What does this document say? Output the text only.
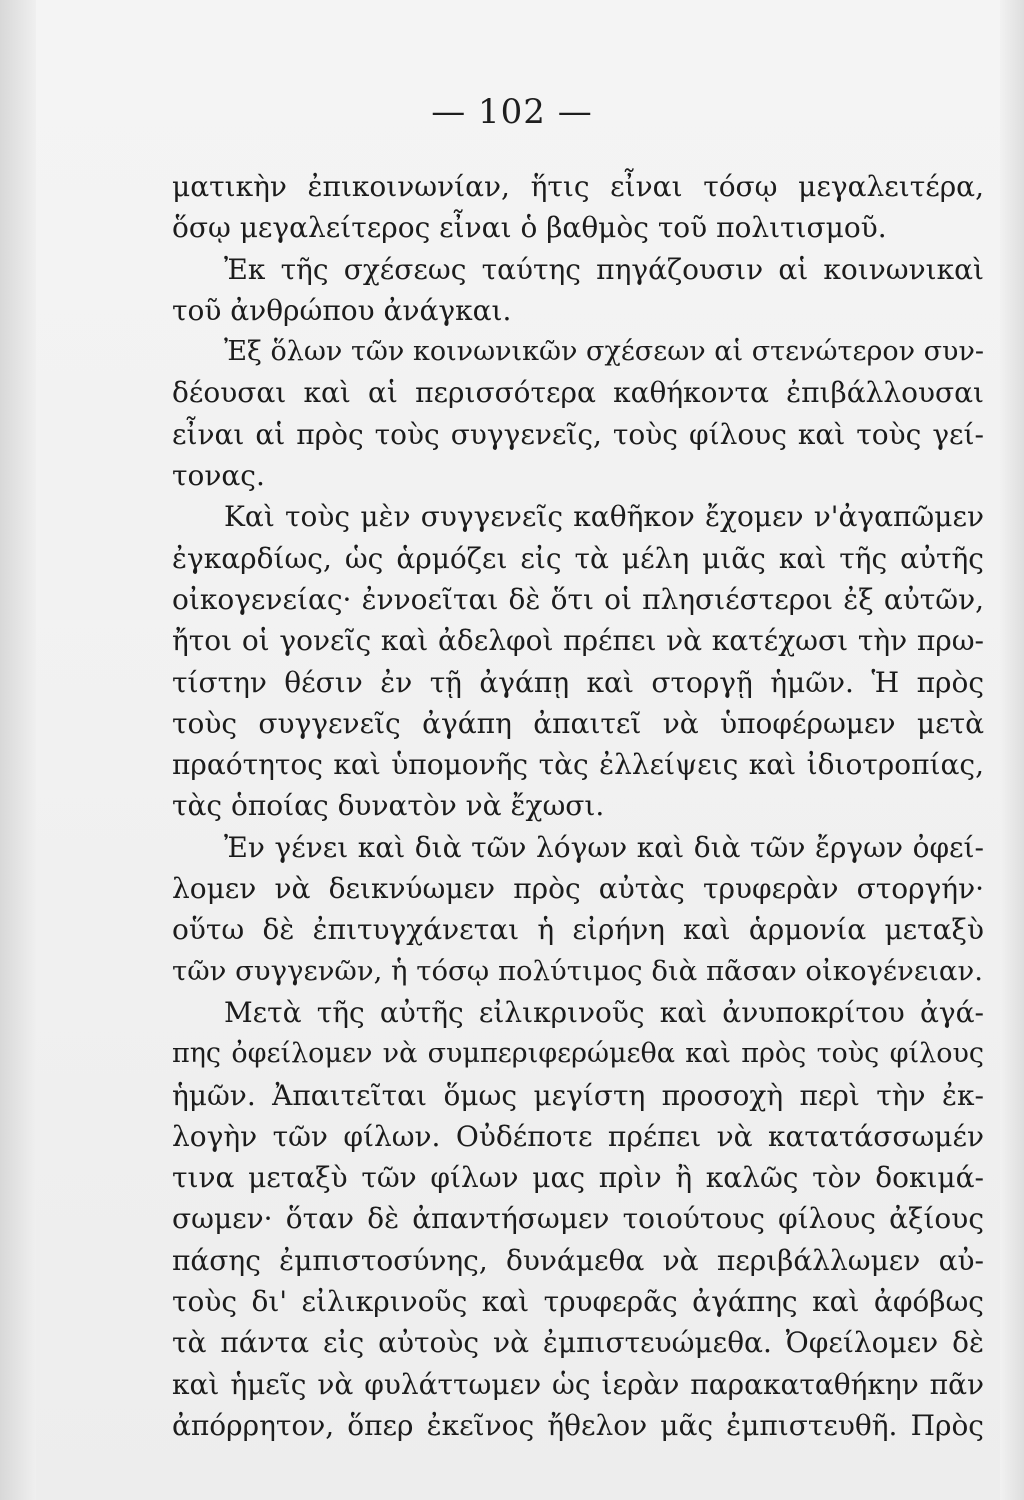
— 102 —
ματικὴν ἐπικοινωνίαν, ἥτις εἶναι τόσῳ μεγαλειτέρα,
ὅσῳ μεγαλείτερος εἶναι ὁ βαθμὸς τοῦ πολιτισμοῦ.
Ἐκ τῆς σχέσεως ταύτης πηγάζουσιν αἱ κοινωνικαὶ
τοῦ ἀνθρώπου ἀνάγκαι.
Ἐξ ὅλων τῶν κοινωνικῶν σχέσεων αἱ στενώτερον συν-
δέουσαι καὶ αἱ περισσότερα καθήκοντα ἐπιβάλλουσαι
εἶναι αἱ πρὸς τοὺς συγγενεῖς, τοὺς φίλους καὶ τοὺς γεί-
τονας.
Καὶ τοὺς μὲν συγγενεῖς καθῆκον ἔχομεν ν'ἀγαπῶμεν
ἐγκαρδίως, ὡς ἁρμόζει εἰς τὰ μέλη μιᾶς καὶ τῆς αὐτῆς
οἰκογενείας· ἐννοεῖται δὲ ὅτι οἱ πλησιέστεροι ἐξ αὐτῶν,
ἤτοι οἱ γονεῖς καὶ ἀδελφοὶ πρέπει νὰ κατέχωσι τὴν πρω-
τίστην θέσιν ἐν τῇ ἀγάπῃ καὶ στοργῇ ἡμῶν. Ἡ πρὸς
τοὺς συγγενεῖς ἀγάπη ἀπαιτεῖ νὰ ὑποφέρωμεν μετὰ
πραότητος καὶ ὑπομονῆς τὰς ἐλλείψεις καὶ ἰδιοτροπίας,
τὰς ὁποίας δυνατὸν νὰ ἔχωσι.
Ἐν γένει καὶ διὰ τῶν λόγων καὶ διὰ τῶν ἔργων ὀφεί-
λομεν νὰ δεικνύωμεν πρὸς αὐτὰς τρυφερὰν στοργήν·
οὕτω δὲ ἐπιτυγχάνεται ἡ εἰρήνη καὶ ἁρμονία μεταξὺ
τῶν συγγενῶν, ἡ τόσῳ πολύτιμος διὰ πᾶσαν οἰκογένειαν.
Μετὰ τῆς αὐτῆς εἰλικρινοῦς καὶ ἀνυποκρίτου ἀγά-
πης ὀφείλομεν νὰ συμπεριφερώμεθα καὶ πρὸς τοὺς φίλους
ἡμῶν. Ἀπαιτεῖται ὅμως μεγίστη προσοχὴ περὶ τὴν ἐκ-
λογὴν τῶν φίλων. Οὐδέποτε πρέπει νὰ κατατάσσωμέν
τινα μεταξὺ τῶν φίλων μας πρὶν ἢ καλῶς τὸν δοκιμά-
σωμεν· ὅταν δὲ ἀπαντήσωμεν τοιούτους φίλους ἀξίους
πάσης ἐμπιστοσύνης, δυνάμεθα νὰ περιβάλλωμεν αὐ-
τοὺς δι' εἰλικρινοῦς καὶ τρυφερᾶς ἀγάπης καὶ ἀφόβως
τὰ πάντα εἰς αὐτοὺς νὰ ἐμπιστευώμεθα. Ὀφείλομεν δὲ
καὶ ἡμεῖς νὰ φυλάττωμεν ὡς ἱερὰν παρακαταθήκην πᾶν
ἀπόρρητον, ὅπερ ἐκεῖνος ἤθελον μᾶς ἐμπιστευθῆ. Πρὸς
